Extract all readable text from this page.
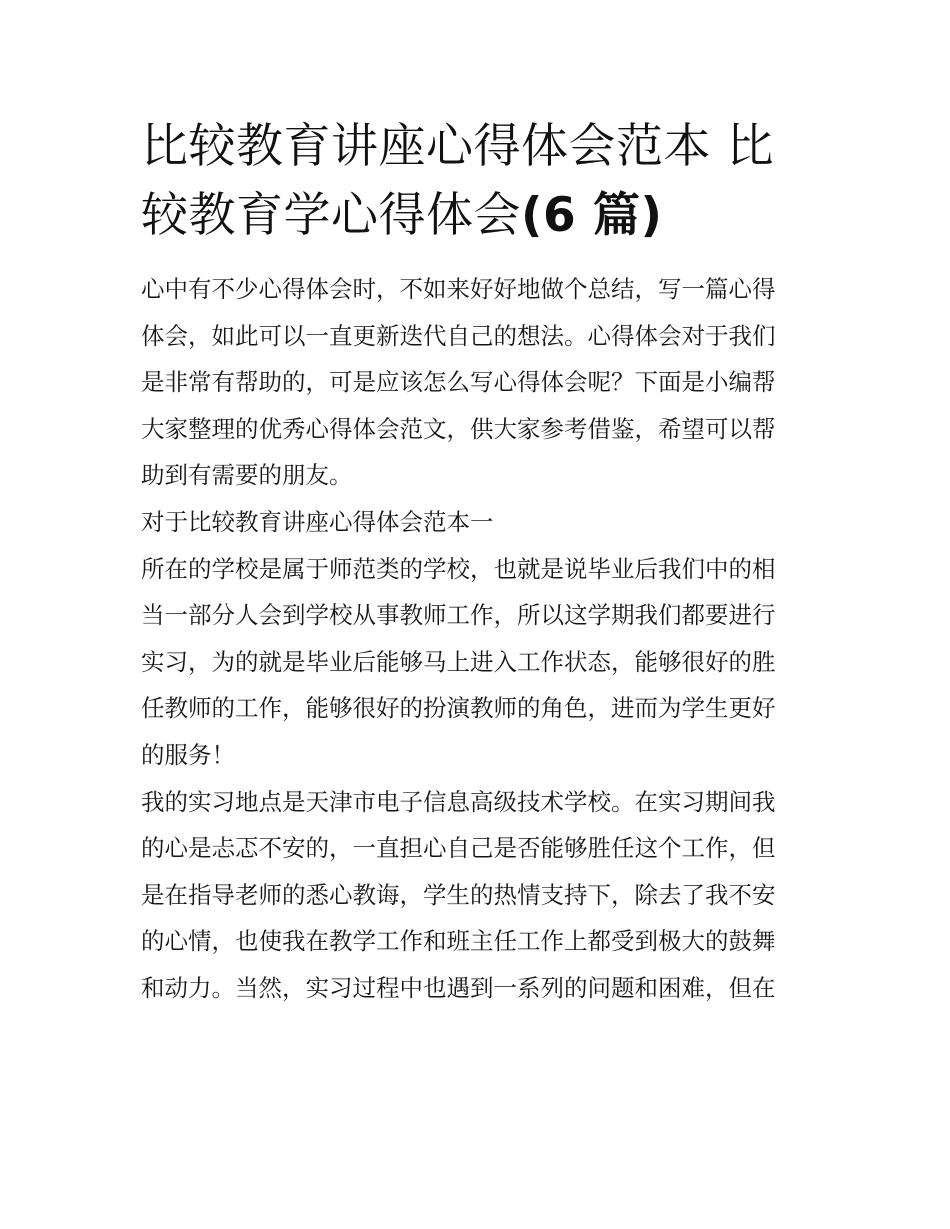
比较教育讲座心得体会范本 比
较教育学心得体会(6 篇)

心中有不少心得体会时，不如来好好地做个总结，写一篇心得
体会，如此可以一直更新迭代自己的想法。心得体会对于我们
是非常有帮助的，可是应该怎么写心得体会呢？下面是小编帮
大家整理的优秀心得体会范文，供大家参考借鉴，希望可以帮
助到有需要的朋友。

对于比较教育讲座心得体会范本一

所在的学校是属于师范类的学校，也就是说毕业后我们中的相
当一部分人会到学校从事教师工作，所以这学期我们都要进行
实习，为的就是毕业后能够马上进入工作状态，能够很好的胜
任教师的工作，能够很好的扮演教师的角色，进而为学生更好
的服务！

我的实习地点是天津市电子信息高级技术学校。在实习期间我
的心是忐忑不安的，一直担心自己是否能够胜任这个工作，但
是在指导老师的悉心教诲，学生的热情支持下，除去了我不安
的心情，也使我在教学工作和班主任工作上都受到极大的鼓舞
和动力。当然，实习过程中也遇到一系列的问题和困难，但在
